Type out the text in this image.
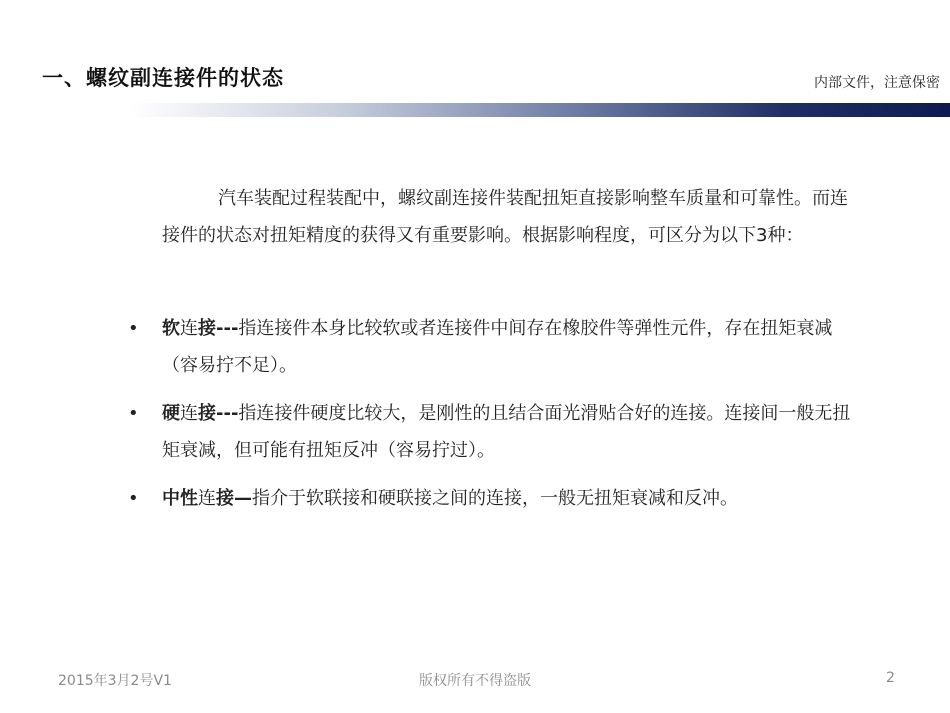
一、螺纹副连接件的状态	内部文件，注意保密
汽车装配过程装配中，螺纹副连接件装配扭矩直接影响整车质量和可靠性。而连接件的状态对扭矩精度的获得又有重要影响。根据影响程度，可区分为以下3种：
• 软连接---指连接件本身比较软或者连接件中间存在橡胶件等弹性元件，存在扭矩衰减（容易拧不足）。
• 硬连接---指连接件硬度比较大，是刚性的且结合面光滑贴合好的连接。连接间一般无扭矩衰减，但可能有扭矩反冲（容易拧过）。
• 中性连接—指介于软联接和硬联接之间的连接，一般无扭矩衰减和反冲。
2015年3月2号V1	版权所有不得盗版	2
